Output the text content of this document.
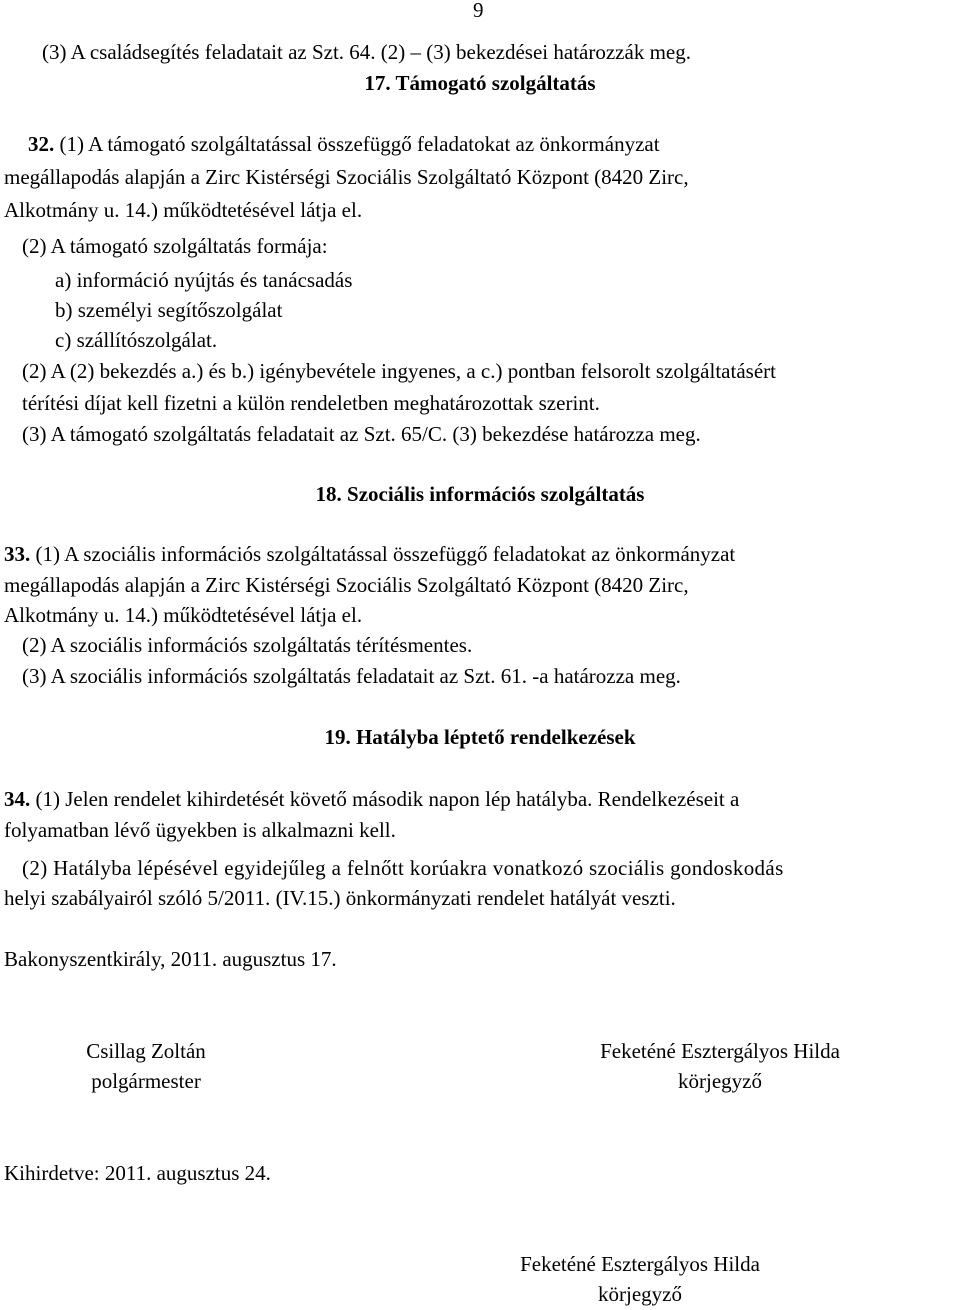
9
(3) A családsegítés feladatait az Szt. 64. (2) – (3) bekezdései határozzák meg.
17. Támogató szolgáltatás
32. (1) A támogató szolgáltatással összefüggő feladatokat az önkormányzat
megállapodás alapján a Zirc Kistérségi Szociális Szolgáltató Központ (8420 Zirc,
Alkotmány u. 14.) működtetésével látja el.
(2) A támogató szolgáltatás formája:
a) információ nyújtás és tanácsadás
b) személyi segítőszolgálat
c) szállítószolgálat.
(2) A (2) bekezdés a.) és b.) igénybevétele ingyenes, a c.) pontban felsorolt szolgáltatásért
térítési díjat kell fizetni a külön rendeletben meghatározottak szerint.
(3) A támogató szolgáltatás feladatait az Szt. 65/C. (3) bekezdése határozza meg.
18. Szociális információs szolgáltatás
33. (1) A szociális információs szolgáltatással összefüggő feladatokat az önkormányzat
megállapodás alapján a Zirc Kistérségi Szociális Szolgáltató Központ (8420 Zirc,
Alkotmány u. 14.) működtetésével látja el.
(2) A szociális információs szolgáltatás térítésmentes.
(3) A szociális információs szolgáltatás feladatait az Szt. 61. -a határozza meg.
19. Hatályba léptető rendelkezések
34. (1) Jelen rendelet kihirdetését követő második napon lép hatályba. Rendelkezéseit a
folyamatban lévő ügyekben is alkalmazni kell.
(2) Hatályba lépésével egyidejűleg a felnőtt korúakra vonatkozó szociális gondoskodás
helyi szabályairól szóló 5/2011. (IV.15.) önkormányzati rendelet hatályát veszti.
Bakonyszentkirály, 2011. augusztus 17.
Csillag Zoltán
polgármester
Feketéné Esztergályos Hilda
körjegyző
Kihirdetve: 2011. augusztus 24.
Feketéné Esztergályos Hilda
körjegyző
